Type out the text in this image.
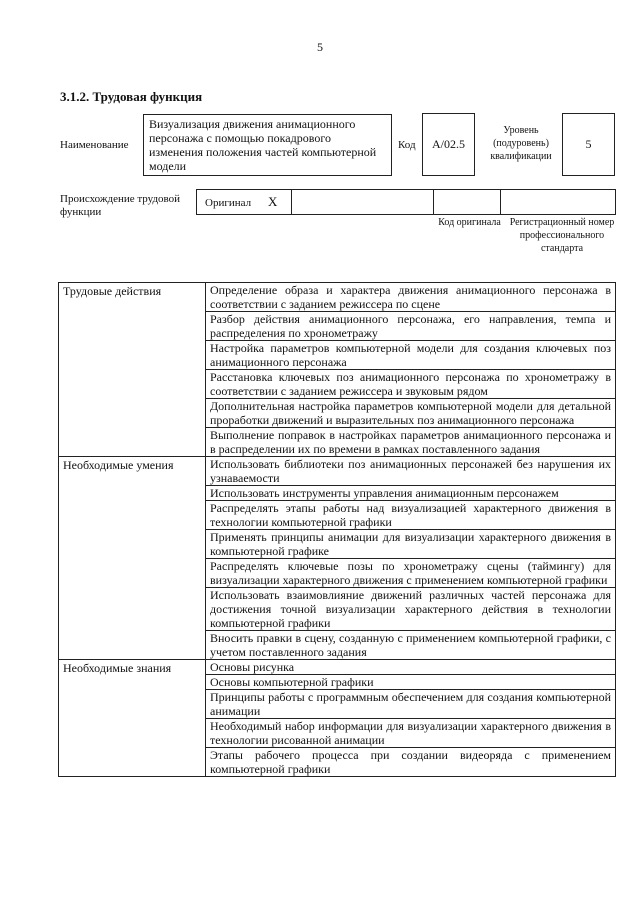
5
3.1.2. Трудовая функция
Наименование
Визуализация движения анимационного персонажа с помощью покадрового изменения положения частей компьютерной модели
Код	A/02.5
Уровень (подуровень) квалификации
5
Происхождение трудовой функции
Оригинал X
Код оригинала Регистрационный номер профессионального стандарта
Трудовые действия	Определение образа и характера движения анимационного персонажа в соответствии с заданием режиссера по сцене
	Разбор действия анимационного персонажа, его направления, темпа и распределения по хронометражу
	Настройка параметров компьютерной модели для создания ключевых поз анимационного персонажа
	Расстановка ключевых поз анимационного персонажа по хронометражу в соответствии с заданием режиссера и звуковым рядом
	Дополнительная настройка параметров компьютерной модели для детальной проработки движений и выразительных поз анимационного персонажа
	Выполнение поправок в настройках параметров анимационного персонажа и в распределении их по времени в рамках поставленного задания
Необходимые умения	Использовать библиотеки поз анимационных персонажей без нарушения их узнаваемости
	Использовать инструменты управления анимационным персонажем
	Распределять этапы работы над визуализацией характерного движения в технологии компьютерной графики
	Применять принципы анимации для визуализации характерного движения в компьютерной графике
	Распределять ключевые позы по хронометражу сцены (таймингу) для визуализации характерного движения с применением компьютерной графики
	Использовать взаимовлияние движений различных частей персонажа для достижения точной визуализации характерного действия в технологии компьютерной графики
	Вносить правки в сцену, созданную с применением компьютерной графики, с учетом поставленного задания
Необходимые знания	Основы рисунка
	Основы компьютерной графики
	Принципы работы с программным обеспечением для создания компьютерной анимации
	Необходимый набор информации для визуализации характерного движения в технологии рисованной анимации
	Этапы рабочего процесса при создании видеоряда с применением компьютерной графики
